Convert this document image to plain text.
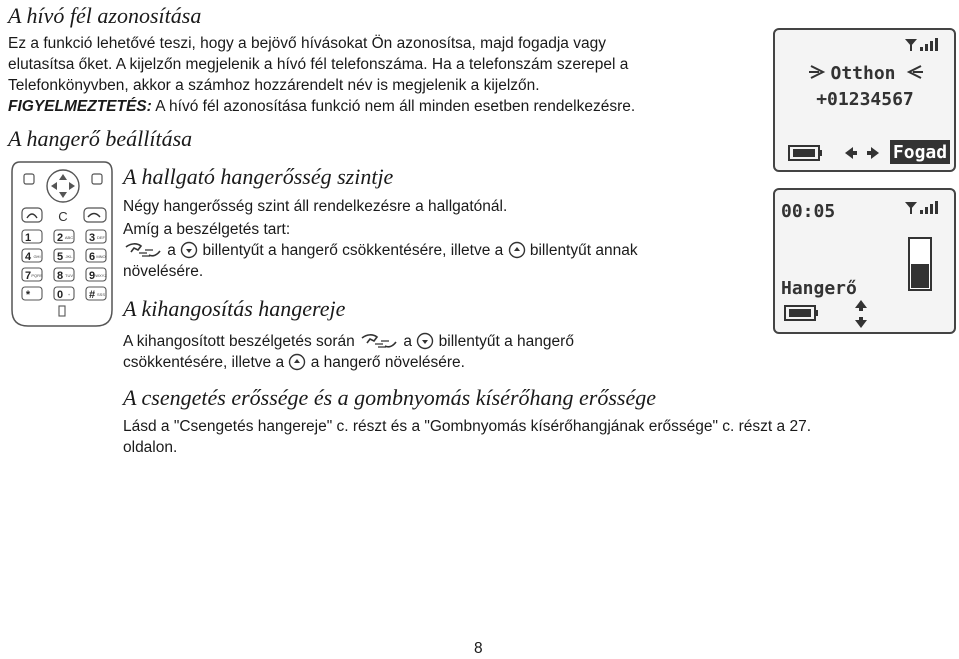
A hívó fél azonosítása

Ez a funkció lehetővé teszi, hogy a bejövő hívásokat Ön azonosítsa, majd fogadja vagy

elutasítsa őket. A kijelzőn megjelenik a hívó fél telefonszáma. Ha a telefonszám szerepel a

Telefonkönyvben, akkor a számhoz hozzárendelt név is megjelenik a kijelzőn.

FIGYELMEZTETÉS: A hívó fél azonosítása funkció nem áll minden esetben rendelkezésre.

A hangerő beállítása
A hallgató hangerősség szintje

Négy hangerősség szint áll rendelkezésre a hallgatónál.

Amíg a beszélgetés tart:

a  billentyűt a hangerő csökkentésére, illetve a  billentyűt annak

növelésére.

A kihangosítás hangereje

A kihangosított beszélgetés során	a  billentyűt a hangerő

csökkentésére, illetve a  a hangerő növelésére.

A csengetés erőssége és a gombnyomás kísérőhang erőssége

Lásd a "Csengetés hangereje" c. részt és a "Gombnyomás kísérőhangjának erőssége" c. részt a 27.

oldalon.

8
C
1 2 ABC 3 DEF
4 GHI 5 JKL 6 MNO
7 PQRS 8 TUV 9 WXYZ
* 0 + # SSS
Otthon
+01234567
Fogad
00:05
Hangerő
